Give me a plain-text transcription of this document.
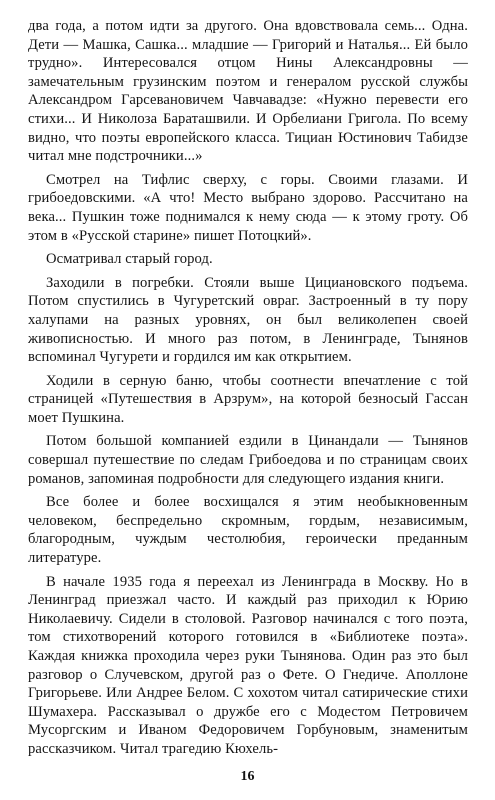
два года, а потом идти за другого. Она вдовствовала семь... Одна. Дети — Машка, Сашка... младшие — Григорий и Наталья... Ей было трудно». Интересовался отцом Нины Александровны — замечательным грузинским поэтом и генералом русской службы Александром Гарсевановичем Чавчавадзе: «Нужно перевести его стихи... И Николоза Бараташвили. И Орбелиани Григола. По всему видно, что поэты европейского класса. Тициан Юстинович Табидзе читал мне подстрочники...»

Смотрел на Тифлис сверху, с горы. Своими глазами. И грибоедовскими. «А что! Место выбрано здорово. Рассчитано на века... Пушкин тоже поднимался к нему сюда — к этому гроту. Об этом в «Русской старине» пишет Потоцкий».

Осматривал старый город.

Заходили в погребки. Стояли выше Цициановского подъема. Потом спустились в Чугуретский овраг. Застроенный в ту пору халупами на разных уровнях, он был великолепен своей живописностью. И много раз потом, в Ленинграде, Тынянов вспоминал Чугурети и гордился им как открытием.

Ходили в серную баню, чтобы соотнести впечатление с той страницей «Путешествия в Арзрум», на которой безносый Гассан моет Пушкина.

Потом большой компанией ездили в Цинандали — Тынянов совершал путешествие по следам Грибоедова и по страницам своих романов, запоминая подробности для следующего издания книги.

Все более и более восхищался я этим необыкновенным человеком, беспредельно скромным, гордым, независимым, благородным, чуждым честолюбия, героически преданным литературе.

В начале 1935 года я переехал из Ленинграда в Москву. Но в Ленинград приезжал часто. И каждый раз приходил к Юрию Николаевичу. Сидели в столовой. Разговор начинался с того поэта, том стихотворений которого готовился в «Библиотеке поэта». Каждая книжка проходила через руки Тынянова. Один раз это был разговор о Случевском, другой раз о Фете. О Гнедиче. Аполлоне Григорьеве. Или Андрее Белом. С хохотом читал сатирические стихи Шумахера. Рассказывал о дружбе его с Модестом Петровичем Мусоргским и Иваном Федоровичем Горбуновым, знаменитым рассказчиком. Читал трагедию Кюхель-

16
